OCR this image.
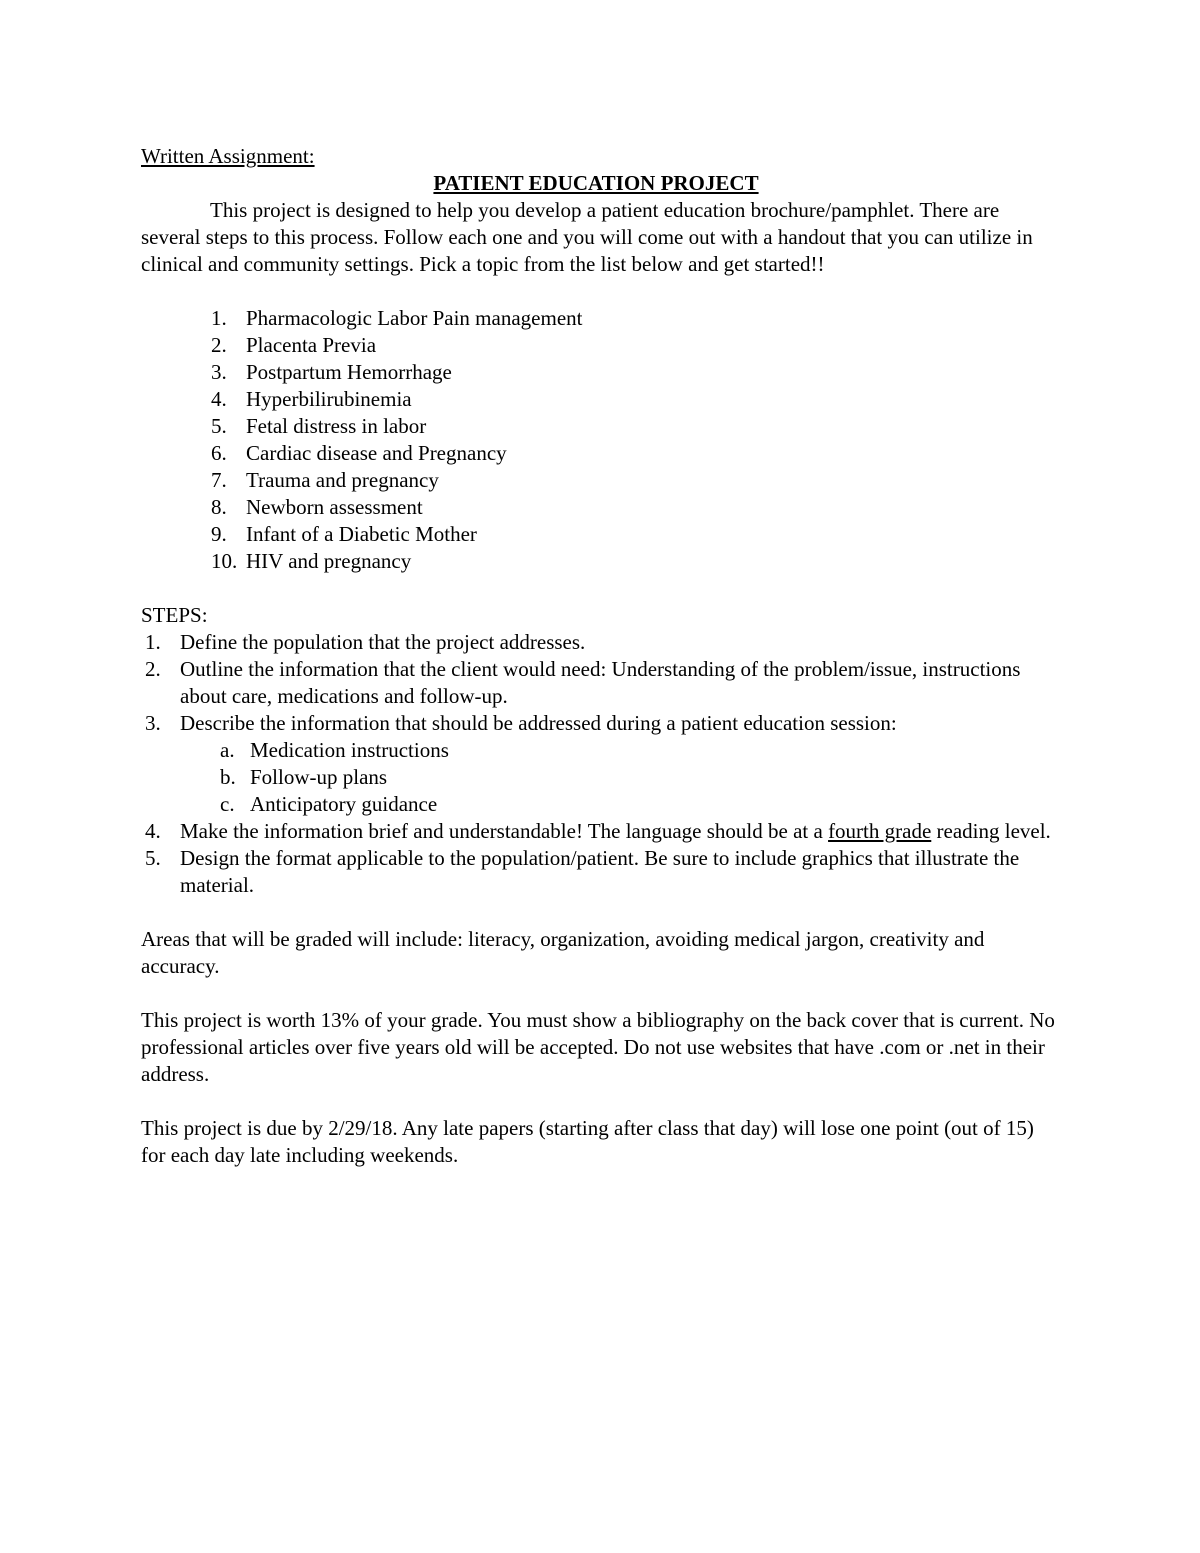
Written Assignment:

PATIENT EDUCATION PROJECT

This project is designed to help you develop a patient education brochure/pamphlet. There are several steps to this process. Follow each one and you will come out with a handout that you can utilize in clinical and community settings. Pick a topic from the list below and get started!!

1. Pharmacologic Labor Pain management
2. Placenta Previa
3. Postpartum Hemorrhage
4. Hyperbilirubinemia
5. Fetal distress in labor
6. Cardiac disease and Pregnancy
7. Trauma and pregnancy
8. Newborn assessment
9. Infant of a Diabetic Mother
10. HIV and pregnancy

STEPS:

1. Define the population that the project addresses.
2. Outline the information that the client would need: Understanding of the problem/issue, instructions about care, medications and follow-up.
3. Describe the information that should be addressed during a patient education session:
a. Medication instructions
b. Follow-up plans
c. Anticipatory guidance
4. Make the information brief and understandable! The language should be at a fourth grade reading level.
5. Design the format applicable to the population/patient. Be sure to include graphics that illustrate the material.

Areas that will be graded will include: literacy, organization, avoiding medical jargon, creativity and accuracy.

This project is worth 13% of your grade. You must show a bibliography on the back cover that is current. No professional articles over five years old will be accepted. Do not use websites that have .com or .net in their address.

This project is due by 2/29/18. Any late papers (starting after class that day) will lose one point (out of 15) for each day late including weekends.
